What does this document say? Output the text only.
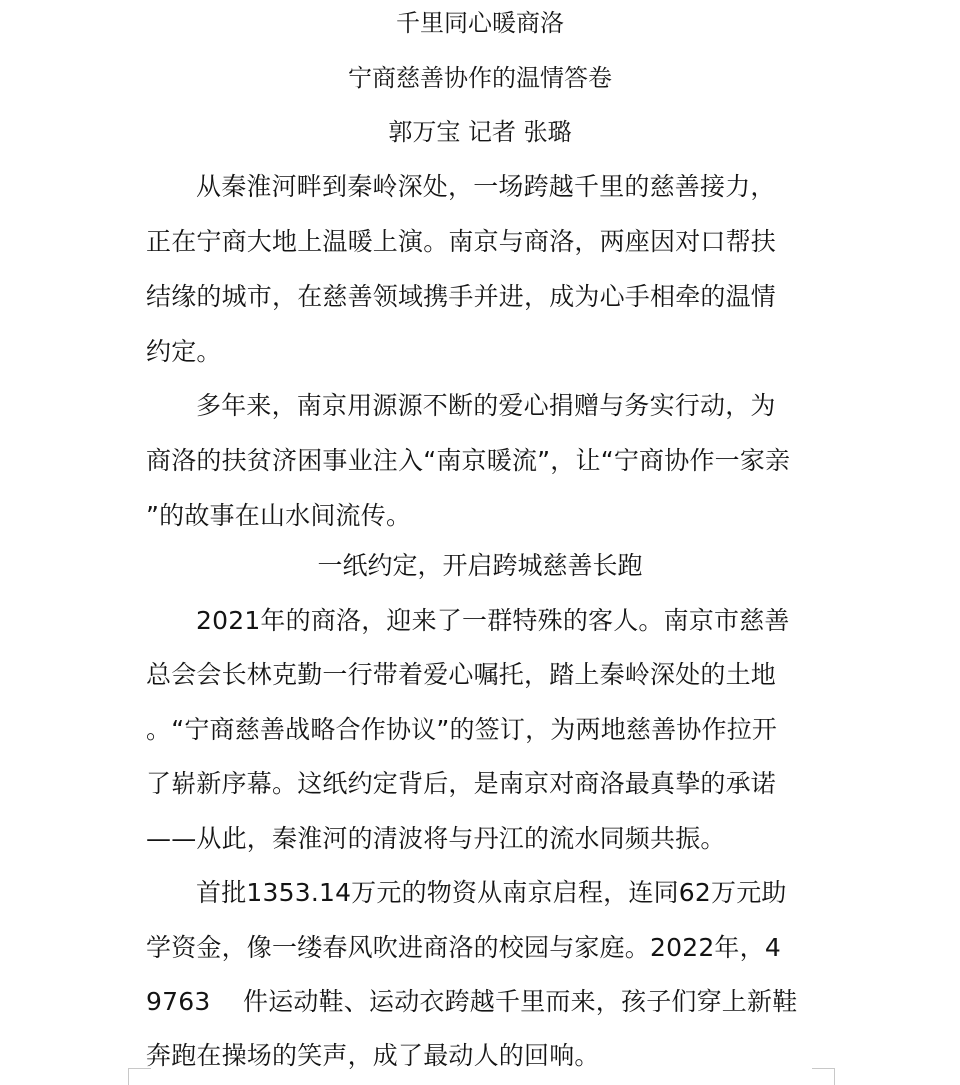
千里同心暖商洛
宁商慈善协作的温情答卷
郭万宝 记者 张璐
从秦淮河畔到秦岭深处，一场跨越千里的慈善接力，
正在宁商大地上温暖上演。南京与商洛，两座因对口帮扶
结缘的城市，在慈善领域携手并进，成为心手相牵的温情
约定。
多年来，南京用源源不断的爱心捐赠与务实行动，为
商洛的扶贫济困事业注入“南京暖流”，让“宁商协作一家亲
”的故事在山水间流传。
一纸约定，开启跨城慈善长跑
2021年的商洛，迎来了一群特殊的客人。南京市慈善
总会会长林克勤一行带着爱心嘱托，踏上秦岭深处的土地
。“宁商慈善战略合作协议”的签订，为两地慈善协作拉开
了崭新序幕。这纸约定背后，是南京对商洛最真挚的承诺
——从此，秦淮河的清波将与丹江的流水同频共振。
首批1353.14万元的物资从南京启程，连同62万元助
学资金，像一缕春风吹进商洛的校园与家庭。2022年，4
9763    件运动鞋、运动衣跨越千里而来，孩子们穿上新鞋
奔跑在操场的笑声，成了最动人的回响。
